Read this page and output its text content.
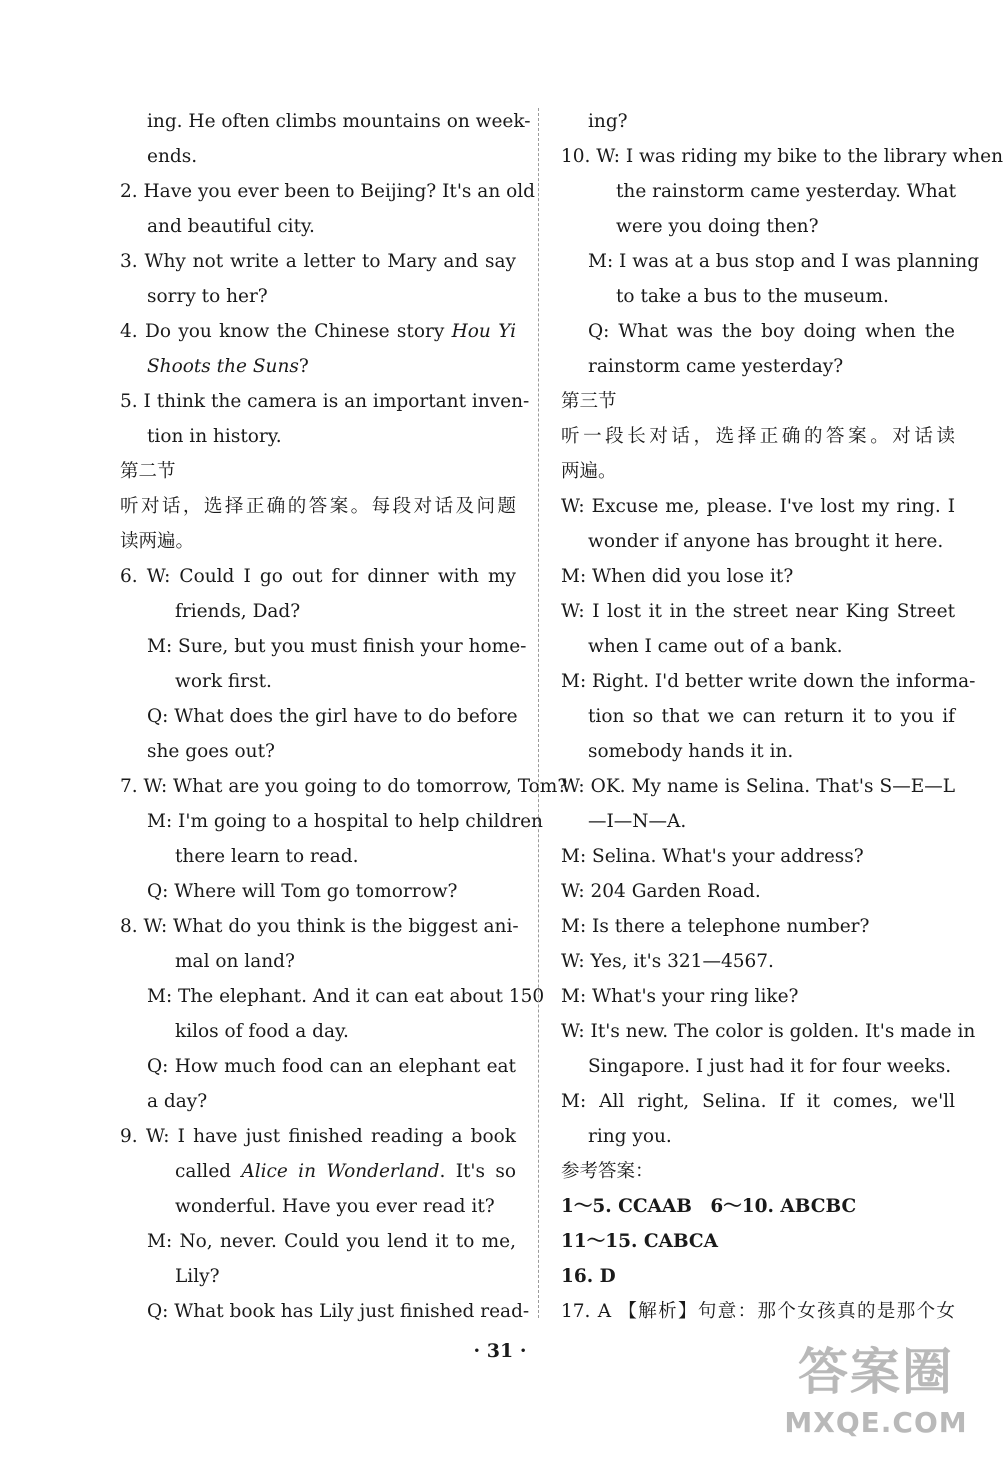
ing. He often climbs mountains on week-
ends.
2. Have you ever been to Beijing? It's an old
and beautiful city.
3. Why not write a letter to Mary and say
sorry to her?
4. Do you know the Chinese story Hou Yi
Shoots the Suns?
5. I think the camera is an important inven-
tion in history.
第二节
听对话，选择正确的答案。每段对话及问题
读两遍。
6. W: Could I go out for dinner with my
friends, Dad?
M: Sure, but you must finish your home-
work first.
Q: What does the girl have to do before
she goes out?
7. W: What are you going to do tomorrow, Tom?
M: I'm going to a hospital to help children
there learn to read.
Q: Where will Tom go tomorrow?
8. W: What do you think is the biggest ani-
mal on land?
M: The elephant. And it can eat about 150
kilos of food a day.
Q: How much food can an elephant eat
a day?
9. W: I have just finished reading a book
called Alice in Wonderland. It's so
wonderful. Have you ever read it?
M: No, never. Could you lend it to me,
Lily?
Q: What book has Lily just finished read-
ing?
10. W: I was riding my bike to the library when
the rainstorm came yesterday. What
were you doing then?
M: I was at a bus stop and I was planning
to take a bus to the museum.
Q: What was the boy doing when the
rainstorm came yesterday?
第三节
听一段长对话，选择正确的答案。对话读
两遍。
W: Excuse me, please. I've lost my ring. I
wonder if anyone has brought it here.
M: When did you lose it?
W: I lost it in the street near King Street
when I came out of a bank.
M: Right. I'd better write down the informa-
tion so that we can return it to you if
somebody hands it in.
W: OK. My name is Selina. That's S—E—L
—I—N—A.
M: Selina. What's your address?
W: 204 Garden Road.
M: Is there a telephone number?
W: Yes, it's 321—4567.
M: What's your ring like?
W: It's new. The color is golden. It's made in
Singapore. I just had it for four weeks.
M: All right, Selina. If it comes, we'll
ring you.
参考答案：
1～5. CCAAB　6～10. ABCBC
11～15. CABCA
16. D
17. A 【解析】句意：那个女孩真的是那个女
· 31 ·	答案圈
MXQE.COM
